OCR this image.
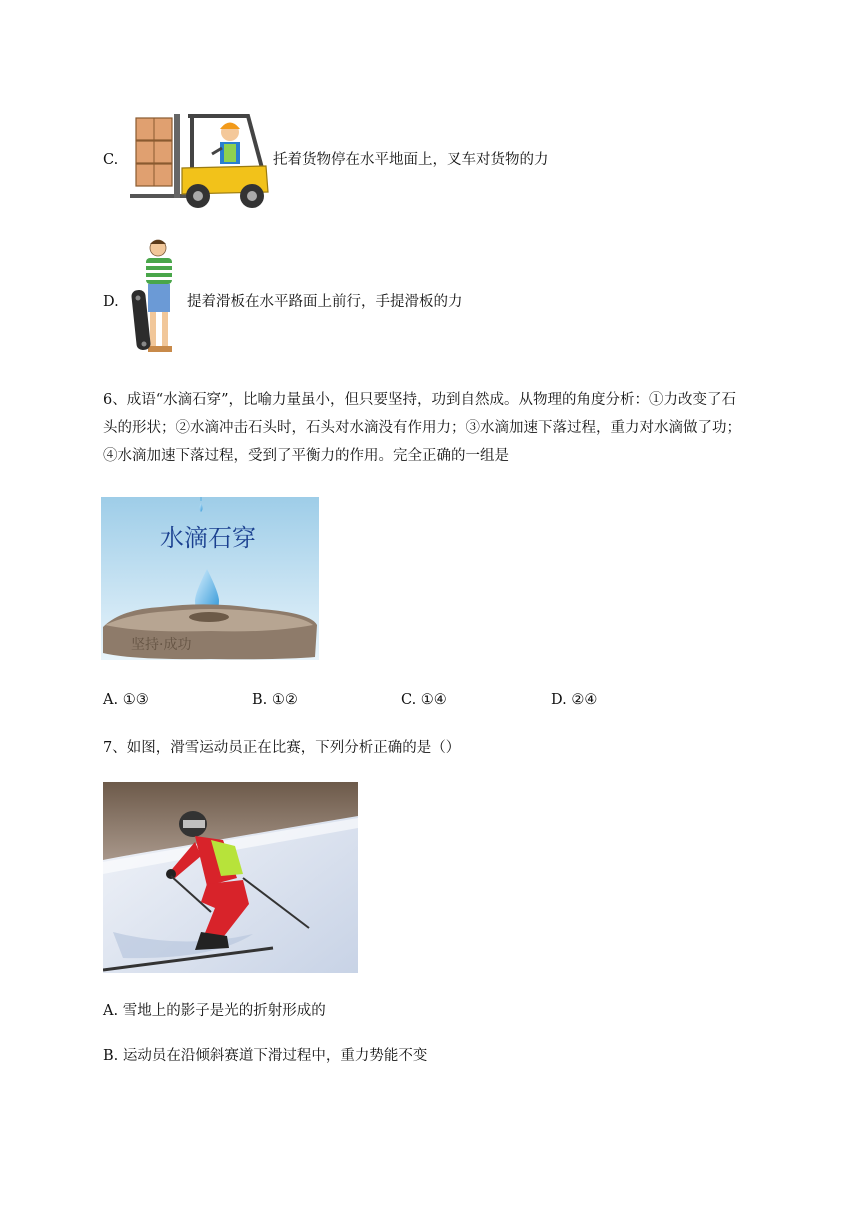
C.	托着货物停在水平地面上，叉车对货物的力
D.	提着滑板在水平路面上前行，手提滑板的力
6、成语“水滴石穿”，比喻力量虽小，但只要坚持，功到自然成。从物理的角度分析：①力改变了石
头的形状；②水滴冲击石头时，石头对水滴没有作用力；③水滴加速下落过程，重力对水滴做了功；
④水滴加速下落过程，受到了平衡力的作用。完全正确的一组是
水滴石穿
坚持·成功
A. ①③	B. ①②	C. ①④	D. ②④
7、如图，滑雪运动员正在比赛，下列分析正确的是（）
A. 雪地上的影子是光的折射形成的
B. 运动员在沿倾斜赛道下滑过程中，重力势能不变
